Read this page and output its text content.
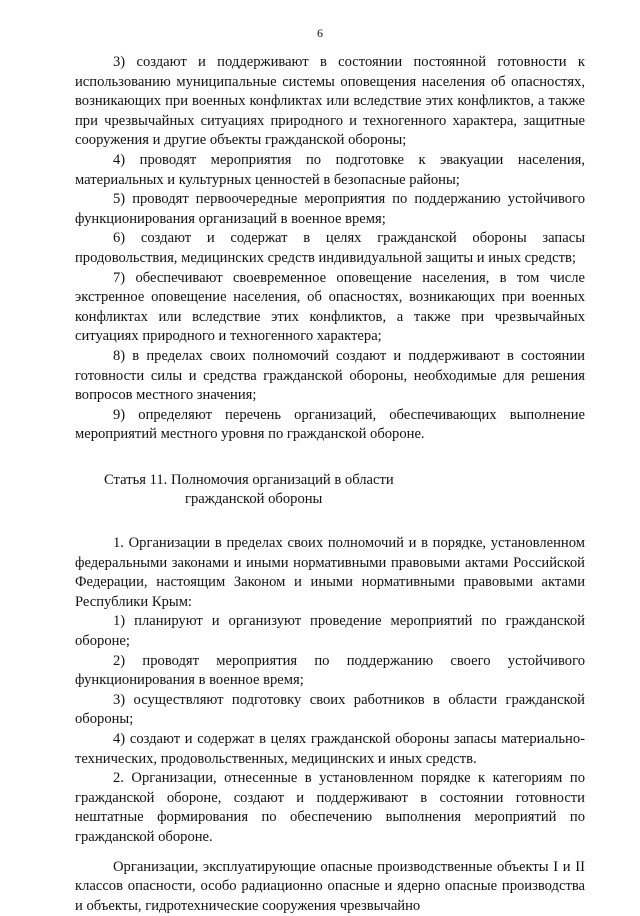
6

3) создают и поддерживают в состоянии постоянной готовности к использованию муниципальные системы оповещения населения об опасностях, возникающих при военных конфликтах или вследствие этих конфликтов, а также при чрезвычайных ситуациях природного и техногенного характера, защитные сооружения и другие объекты гражданской обороны;

4) проводят мероприятия по подготовке к эвакуации населения, материальных и культурных ценностей в безопасные районы;

5) проводят первоочередные мероприятия по поддержанию устойчивого функционирования организаций в военное время;

6) создают и содержат в целях гражданской обороны запасы продовольствия, медицинских средств индивидуальной защиты и иных средств;

7) обеспечивают своевременное оповещение населения, в том числе экстренное оповещение населения, об опасностях, возникающих при военных конфликтах или вследствие этих конфликтов, а также при чрезвычайных ситуациях природного и техногенного характера;

8) в пределах своих полномочий создают и поддерживают в состоянии готовности силы и средства гражданской обороны, необходимые для решения вопросов местного значения;

9) определяют перечень организаций, обеспечивающих выполнение мероприятий местного уровня по гражданской обороне.

Статья 11. Полномочия организаций в области
гражданской обороны

1. Организации в пределах своих полномочий и в порядке, установленном федеральными законами и иными нормативными правовыми актами Российской Федерации, настоящим Законом и иными нормативными правовыми актами Республики Крым:

1) планируют и организуют проведение мероприятий по гражданской обороне;

2) проводят мероприятия по поддержанию своего устойчивого функционирования в военное время;

3) осуществляют подготовку своих работников в области гражданской обороны;

4) создают и содержат в целях гражданской обороны запасы материально-технических, продовольственных, медицинских и иных средств.

2. Организации, отнесенные в установленном порядке к категориям по гражданской обороне, создают и поддерживают в состоянии готовности нештатные формирования по обеспечению выполнения мероприятий по гражданской обороне.

Организации, эксплуатирующие опасные производственные объекты I и II классов опасности, особо радиационно опасные и ядерно опасные производства и объекты, гидротехнические сооружения чрезвычайно
